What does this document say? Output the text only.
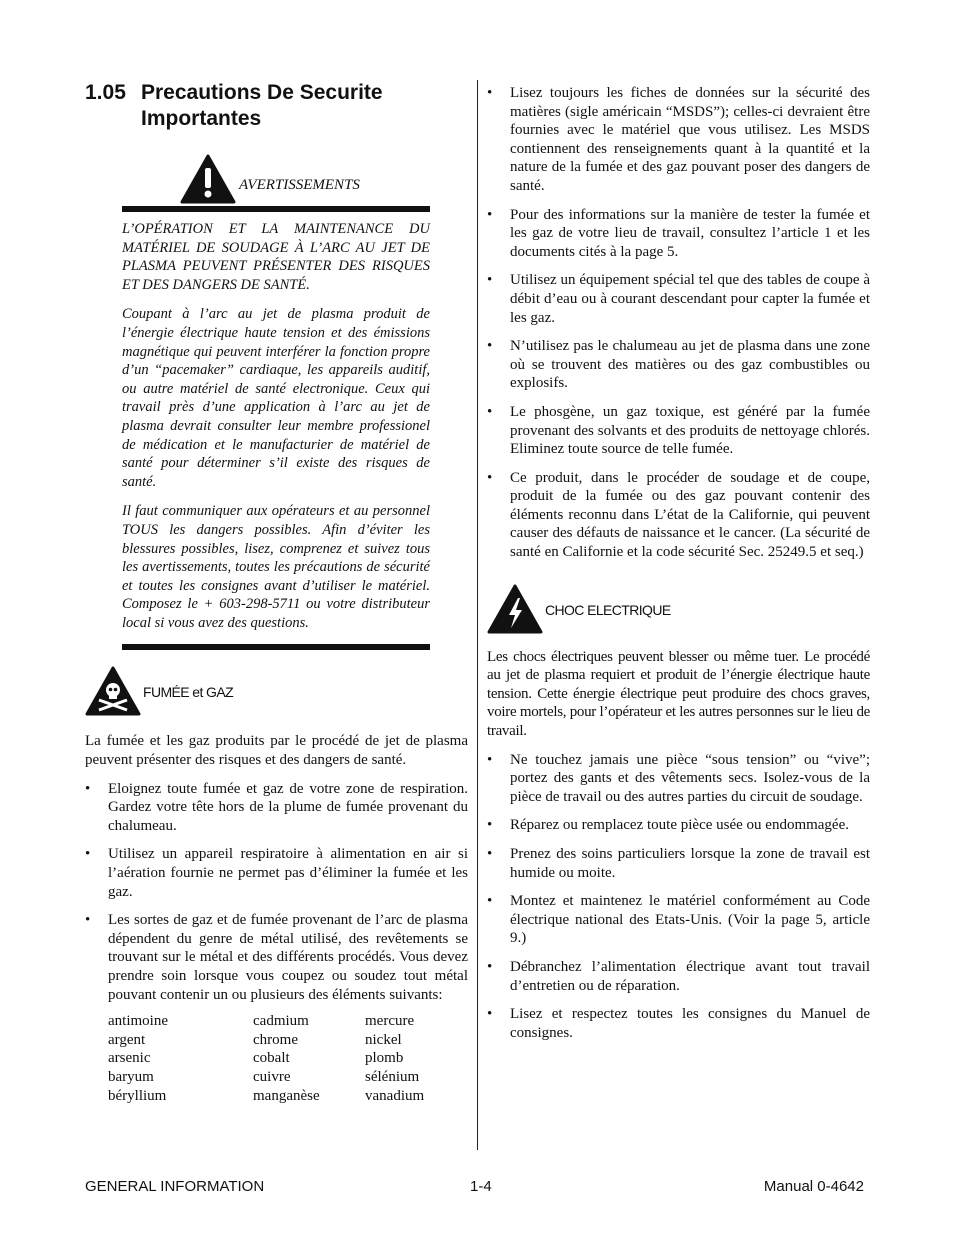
1.05 Precautions De Securite
Importantes
AVERTISSEMENTS

L’OPÉRATION ET LA MAINTENANCE DU MATÉRIEL DE SOUDAGE À L’ARC AU JET DE PLASMA PEUVENT PRÉSENTER DES RISQUES ET DES DANGERS DE SANTÉ.

Coupant à l’arc au jet de plasma produit de l’énergie électrique haute tension et des émissions magnétique qui peuvent interférer la fonction propre d’un “pacemaker” cardiaque, les appareils auditif, ou autre matériel de santé electronique. Ceux qui travail près d’une application à l’arc au jet de plasma devrait consulter leur membre professionel de médication et le manufacturier de matériel de santé pour déterminer s’il existe des risques de santé.

Il faut communiquer aux opérateurs et au personnel TOUS les dangers possibles. Afin d’éviter les blessures possibles, lisez, comprenez et suivez tous les avertissements, toutes les précautions de sécurité et toutes les consignes avant d’utiliser le matériel. Composez le + 603-298-5711 ou votre distributeur local si vous avez des questions.

FUMÉE et GAZ

La fumée et les gaz produits par le procédé de jet de plasma peuvent présenter des risques et des dangers de santé.

• Eloignez toute fumée et gaz de votre zone de respiration. Gardez votre tête hors de la plume de fumée provenant du chalumeau.
• Utilisez un appareil respiratoire à alimentation en air si l’aération fournie ne permet pas d’éliminer la fumée et les gaz.
• Les sortes de gaz et de fumée provenant de l’arc de plasma dépendent du genre de métal utilisé, des revêtements se trouvant sur le métal et des différents procédés. Vous devez prendre soin lorsque vous coupez ou soudez tout métal pouvant contenir un ou plusieurs des éléments suivants:
antimoine	cadmium	mercure
argent	chrome	nickel
arsenic	cobalt	plomb
baryum	cuivre	sélénium
béryllium	manganèse	vanadium
• Lisez toujours les fiches de données sur la sécurité des matières (sigle américain “MSDS”); celles-ci devraient être fournies avec le matériel que vous utilisez. Les MSDS contiennent des renseignements quant à la quantité et la nature de la fumée et des gaz pouvant poser des dangers de santé.
• Pour des informations sur la manière de tester la fumée et les gaz de votre lieu de travail, consultez l’article 1 et les documents cités à la page 5.
• Utilisez un équipement spécial tel que des tables de coupe à débit d’eau ou à courant descendant pour capter la fumée et les gaz.
• N’utilisez pas le chalumeau au jet de plasma dans une zone où se trouvent des matières ou des gaz combustibles ou explosifs.
• Le phosgène, un gaz toxique, est généré par la fumée provenant des solvants et des produits de nettoyage chlorés. Eliminez toute source de telle fumée.
• Ce produit, dans le procéder de soudage et de coupe, produit de la fumée ou des gaz pouvant contenir des éléments reconnu dans L’état de la Californie, qui peuvent causer des défauts de naissance et le cancer. (La sécurité de santé en Californie et la code sécurité Sec. 25249.5 et seq.)
CHOC ELECTRIQUE

Les chocs électriques peuvent blesser ou même tuer. Le procédé au jet de plasma requiert et produit de l’énergie électrique haute tension. Cette énergie électrique peut produire des chocs graves, voire mortels, pour l’opérateur et les autres personnes sur le lieu de travail.

• Ne touchez jamais une pièce “sous tension” ou “vive”; portez des gants et des vêtements secs. Isolez-vous de la pièce de travail ou des autres parties du circuit de soudage.
• Réparez ou remplacez toute pièce usée ou endommagée.
• Prenez des soins particuliers lorsque la zone de travail est humide ou moite.
• Montez et maintenez le matériel conformément au Code électrique national des Etats-Unis. (Voir la page 5, article 9.)
• Débranchez l’alimentation électrique avant tout travail d’entretien ou de réparation.
• Lisez et respectez toutes les consignes du Manuel de consignes.
GENERAL INFORMATION	1-4	Manual 0-4642
